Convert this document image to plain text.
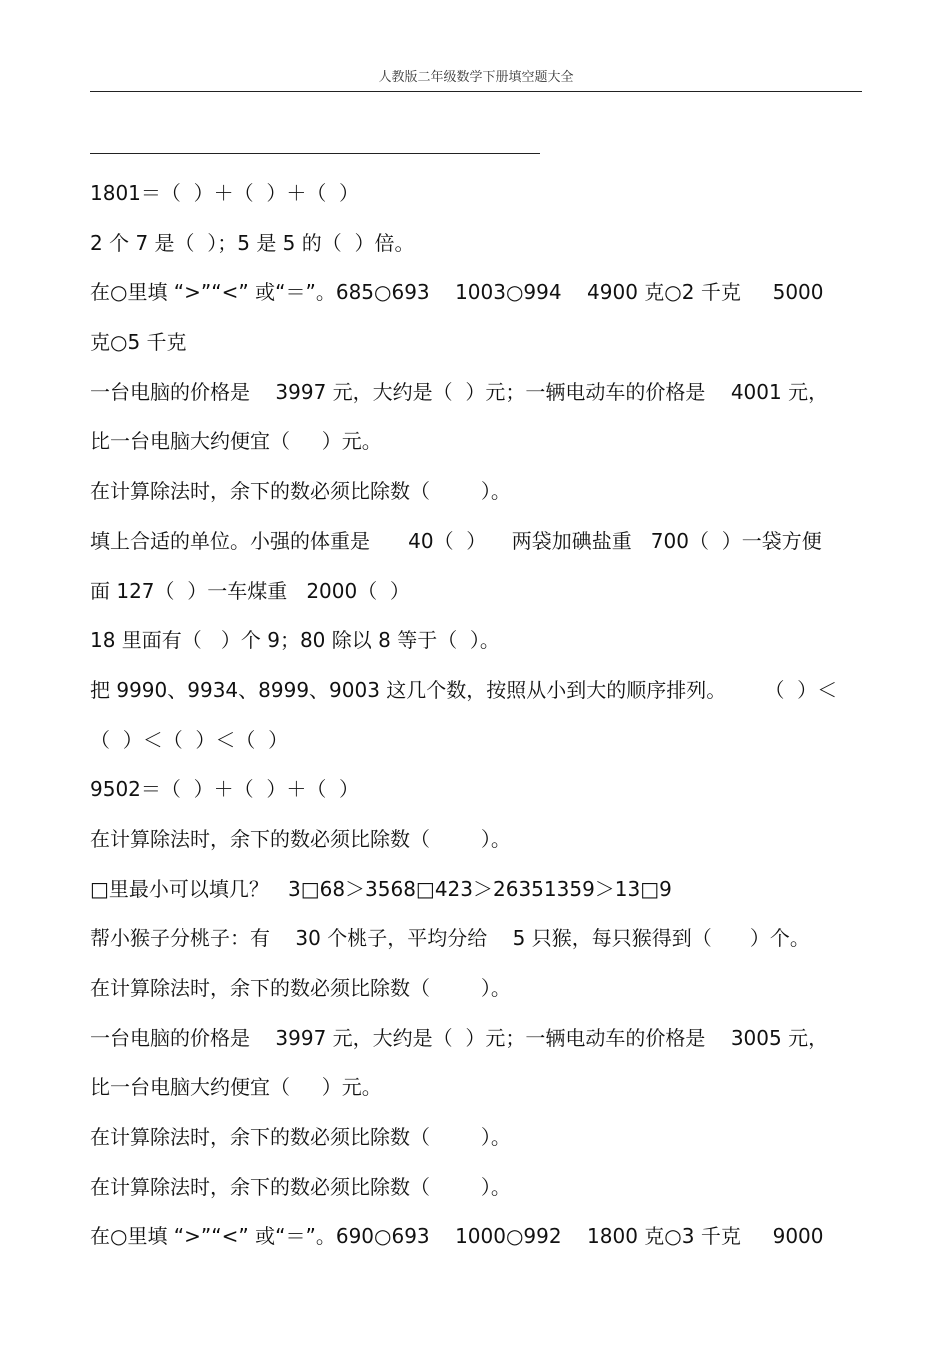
人教版二年级数学下册填空题大全
1801＝（  ）＋（  ）＋（  ）
2 个 7 是（  ）；5 是 5 的（  ）倍。
在○里填 “>”“<” 或“＝”。685○693    1003○994    4900 克○2 千克     5000
克○5 千克
一台电脑的价格是    3997 元，大约是（  ）元；一辆电动车的价格是    4001 元，
比一台电脑大约便宜（     ）元。
在计算除法时，余下的数必须比除数（        ）。
填上合适的单位。小强的体重是      40（  ）    两袋加碘盐重   700（  ）一袋方便
面 127（  ）一车煤重   2000（  ）
18 里面有（   ）个 9；80 除以 8 等于（  ）。
把 9990、9934、8999、9003 这几个数，按照从小到大的顺序排列。      （  ）＜
（  ）＜（  ）＜（  ）
9502＝（  ）＋（  ）＋（  ）
在计算除法时，余下的数必须比除数（        ）。
□里最小可以填几？   3□68＞3568□423＞26351359＞13□9
帮小猴子分桃子：有    30 个桃子，平均分给    5 只猴，每只猴得到（      ）个。
在计算除法时，余下的数必须比除数（        ）。
一台电脑的价格是    3997 元，大约是（  ）元；一辆电动车的价格是    3005 元，
比一台电脑大约便宜（     ）元。
在计算除法时，余下的数必须比除数（        ）。
在计算除法时，余下的数必须比除数（        ）。
在○里填 “>”“<” 或“＝”。690○693    1000○992    1800 克○3 千克     9000
